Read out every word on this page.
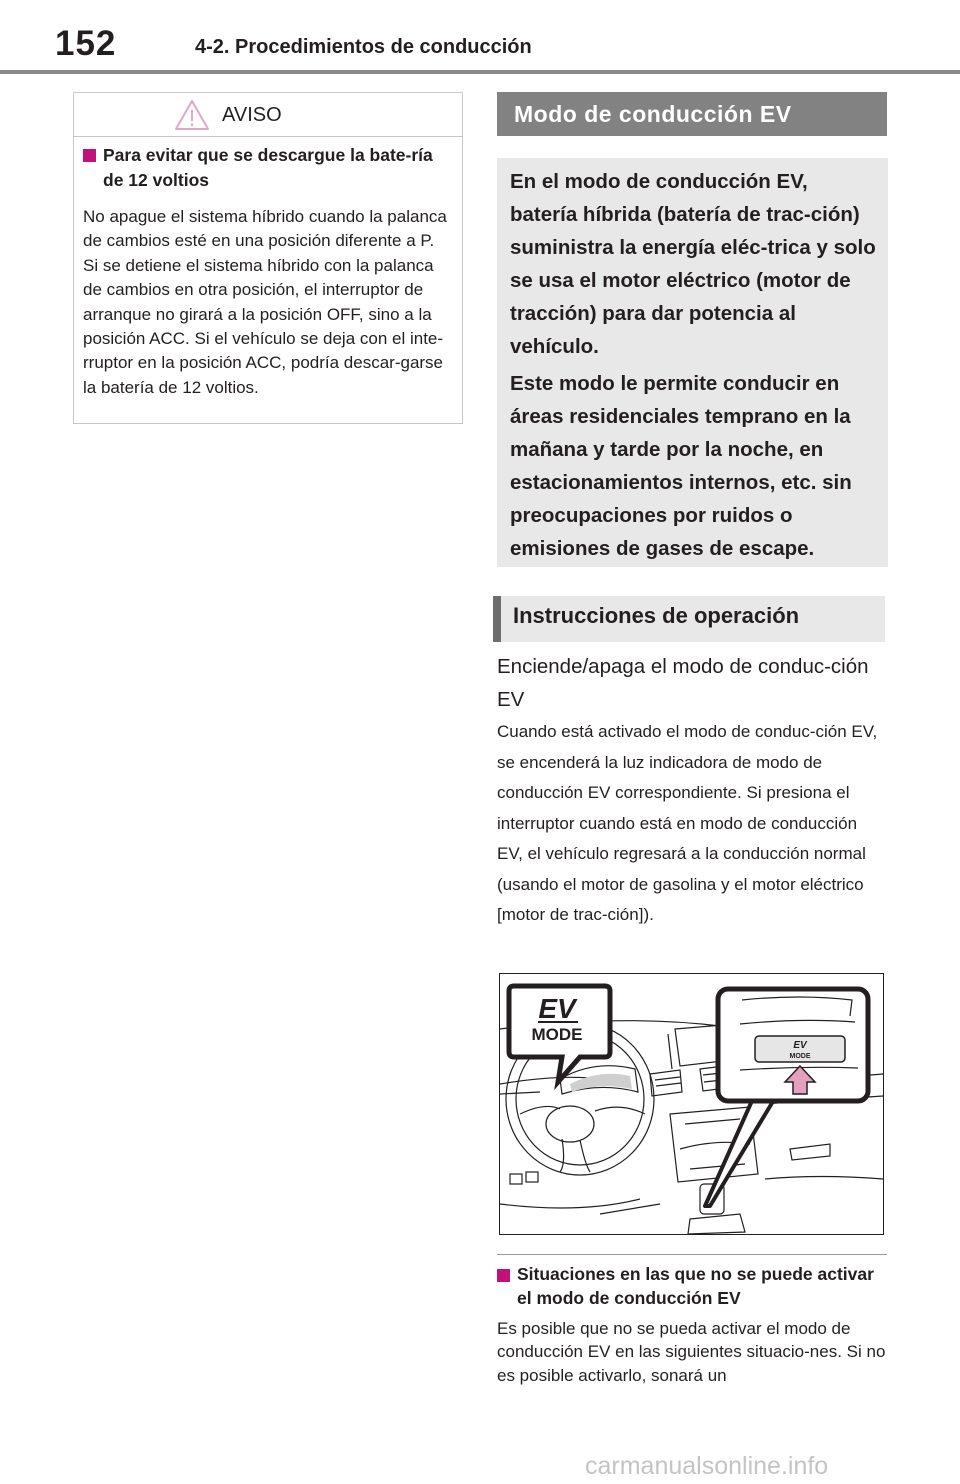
152	4-2. Procedimientos de conducción
AVISO
Para evitar que se descargue la bate-ría de 12 voltios
No apague el sistema híbrido cuando la palanca de cambios esté en una posición diferente a P. Si se detiene el sistema híbrido con la palanca de cambios en otra posición, el interruptor de arranque no girará a la posición OFF, sino a la posición ACC. Si el vehículo se deja con el inte-rruptor en la posición ACC, podría descar-garse la batería de 12 voltios.
Modo de conducción EV

En el modo de conducción EV, batería híbrida (batería de trac-ción) suministra la energía eléc-trica y solo se usa el motor eléctrico (motor de tracción) para dar potencia al vehículo.

Este modo le permite conducir en áreas residenciales temprano en la mañana y tarde por la noche, en estacionamientos internos, etc. sin preocupaciones por ruidos o emisiones de gases de escape.

Instrucciones de operación
Enciende/apaga el modo de conduc-ción EV
Cuando está activado el modo de conduc-ción EV, se encenderá la luz indicadora de modo de conducción EV correspondiente. Si presiona el interruptor cuando está en modo de conducción EV, el vehículo regresará a la conducción normal (usando el motor de gasolina y el motor eléctrico [motor de trac-ción]).
EV
MODE
EV
MODE
Situaciones en las que no se puede activar el modo de conducción EV
Es posible que no se pueda activar el modo de conducción EV en las siguientes situacio-nes. Si no es posible activarlo, sonará un
carmanualsonline.info
